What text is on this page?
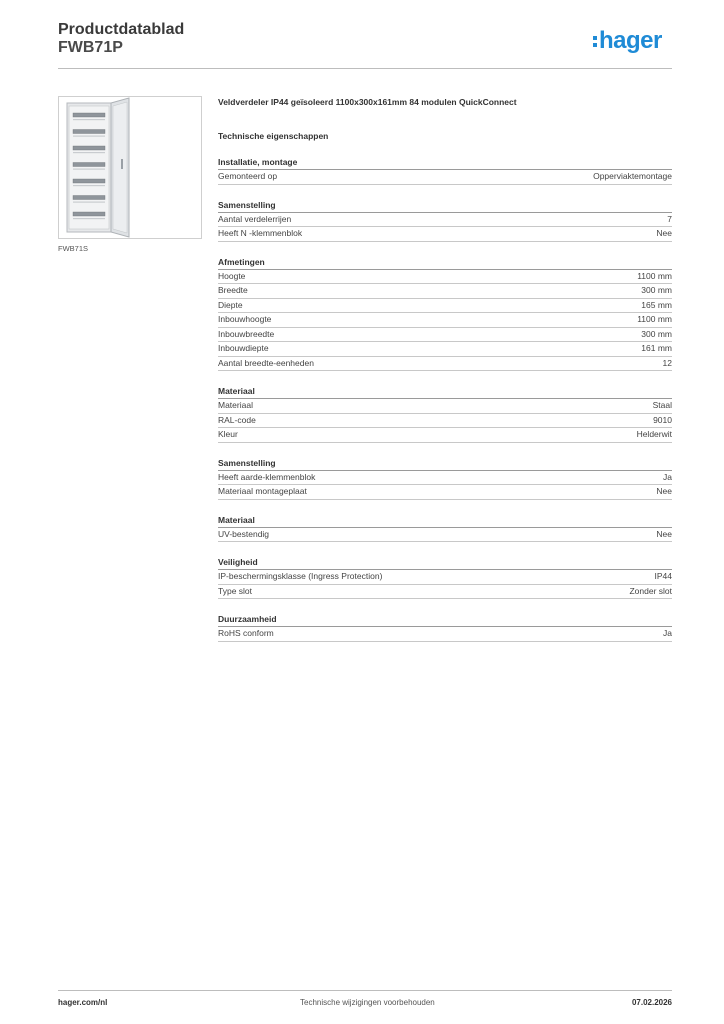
Productdatablad
FWB71P	hager
FWB71S

Veldverdeler IP44 geïsoleerd 1100x300x161mm 84 modulen QuickConnect

Technische eigenschappen
Installatie, montage
Gemonteerd op	Opperviaktemontage
Samenstelling
Aantal verdelerrijen	7
Heeft N -klemmenblok	Nee
Afmetingen
Hoogte	1100 mm
Breedte	300 mm
Diepte	165 mm
Inbouwhoogte	1100 mm
Inbouwbreedte	300 mm
Inbouwdiepte	161 mm
Aantal breedte-eenheden	12
Materiaal
Materiaal	Staal
RAL-code	9010
Kleur	Helderwit
Samenstelling
Heeft aarde-klemmenblok	Ja
Materiaal montageplaat	Nee
Materiaal
UV-bestendig	Nee
Veiligheid
IP-beschermingsklasse (Ingress Protection)	IP44
Type slot	Zonder slot
Duurzaamheid
RoHS conform	Ja
hager.com/nl	Technische wijzigingen voorbehouden	07.02.2026
